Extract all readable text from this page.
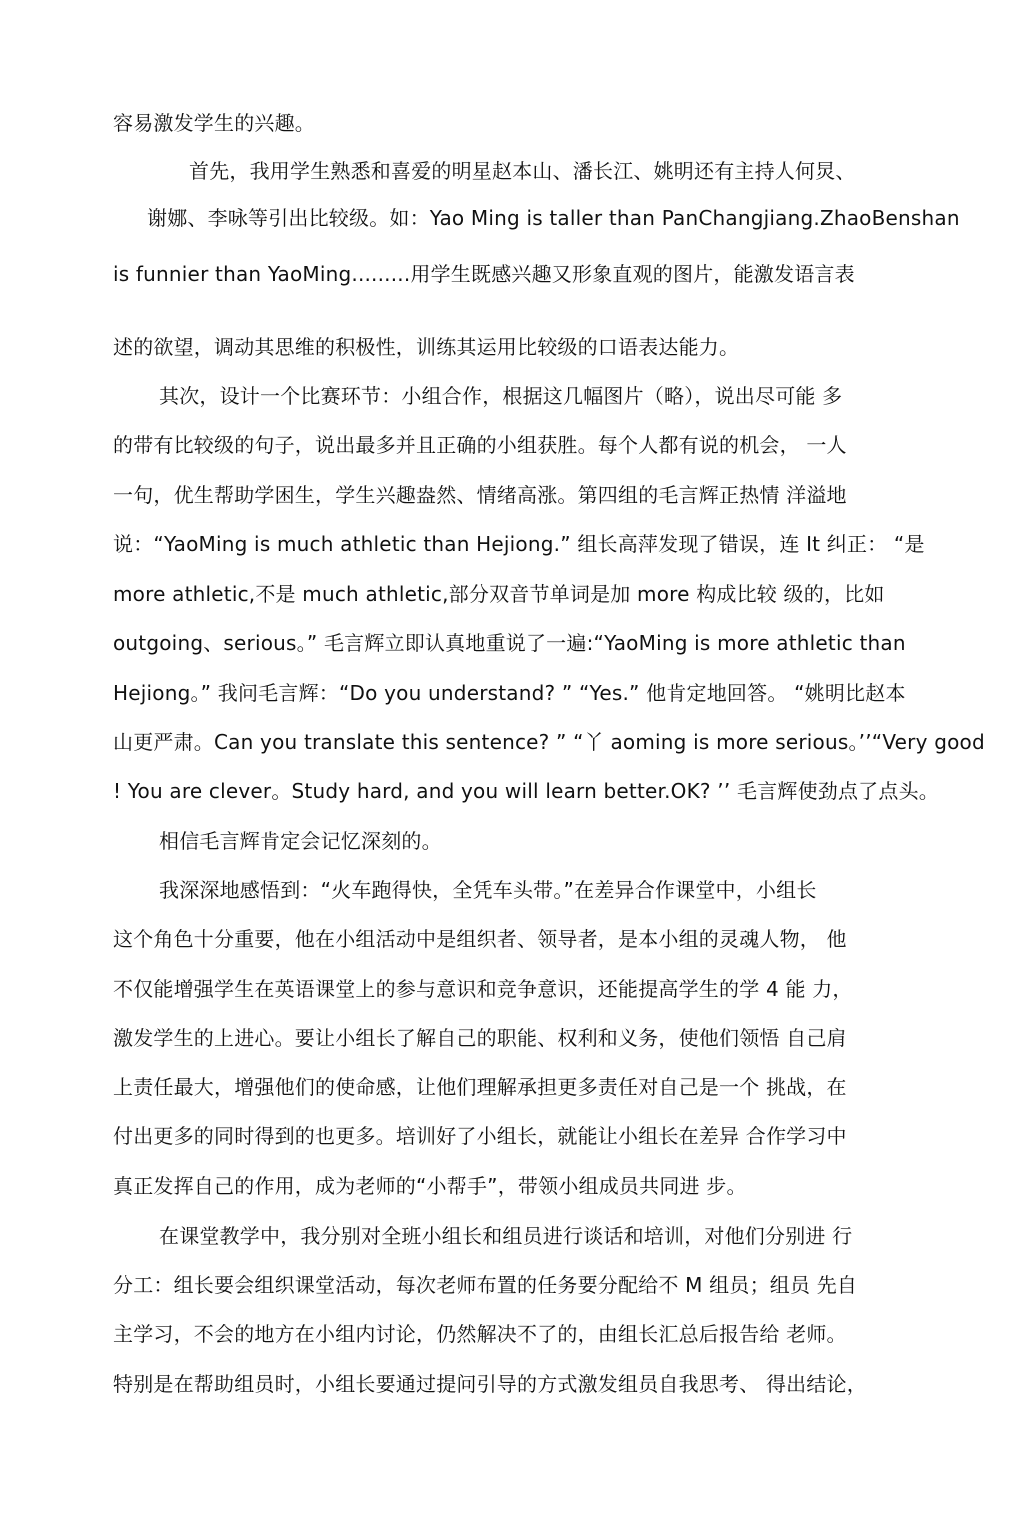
容易激发学生的兴趣。
首先，我用学生熟悉和喜爱的明星赵本山、潘长江、姚明还有主持人何炅、
谢娜、李咏等引出比较级。如：Yao Ming is taller than PanChangjiang.ZhaoBenshan
is funnier than YaoMing.........用学生既感兴趣又形象直观的图片，能激发语言表
述的欲望，调动其思维的积极性，训练其运用比较级的口语表达能力。
其次，设计一个比赛环节：小组合作，根据这几幅图片（略），说出尽可能 多
的带有比较级的句子，说出最多并且正确的小组获胜。每个人都有说的机会， 一人
一句，优生帮助学困生，学生兴趣盎然、情绪高涨。第四组的毛言辉正热情 洋溢地
说：“YaoMing is much athletic than Hejiong.” 组长高萍发现了错误，连 It 纠正： “是
more athletic,不是 much athletic,部分双音节单词是加 more 构成比较 级的，比如
outgoing、serious。” 毛言辉立即认真地重说了一遍:“YaoMing is more athletic than
Hejiong。” 我问毛言辉：“Do you understand? ” “Yes.” 他肯定地回答。 “姚明比赵本
山更严肃。Can you translate this sentence? ” “丫 aoming is more serious。’’“Very good
! You are clever。Study hard, and you will learn better.OK? ’’ 毛言辉使劲点了点头。
相信毛言辉肯定会记忆深刻的。
我深深地感悟到：“火车跑得快，全凭车头带。”在差异合作课堂中，小组长
这个角色十分重要，他在小组活动中是组织者、领导者，是本小组的灵魂人物， 他
不仅能增强学生在英语课堂上的参与意识和竞争意识，还能提高学生的学 4 能 力，
激发学生的上进心。要让小组长了解自己的职能、权利和义务，使他们领悟 自己肩
上责任最大，增强他们的使命感，让他们理解承担更多责任对自己是一个 挑战，在
付出更多的同时得到的也更多。培训好了小组长，就能让小组长在差异 合作学习中
真正发挥自己的作用，成为老师的“小帮手”，带领小组成员共同进 步。
在课堂教学中，我分别对全班小组长和组员进行谈话和培训，对他们分别进 行
分工：组长要会组织课堂活动，每次老师布置的任务要分配给不 M 组员；组员 先自
主学习，不会的地方在小组内讨论，仍然解决不了的，由组长汇总后报告给 老师。
特别是在帮助组员时，小组长要通过提问引导的方式激发组员自我思考、 得出结论，
